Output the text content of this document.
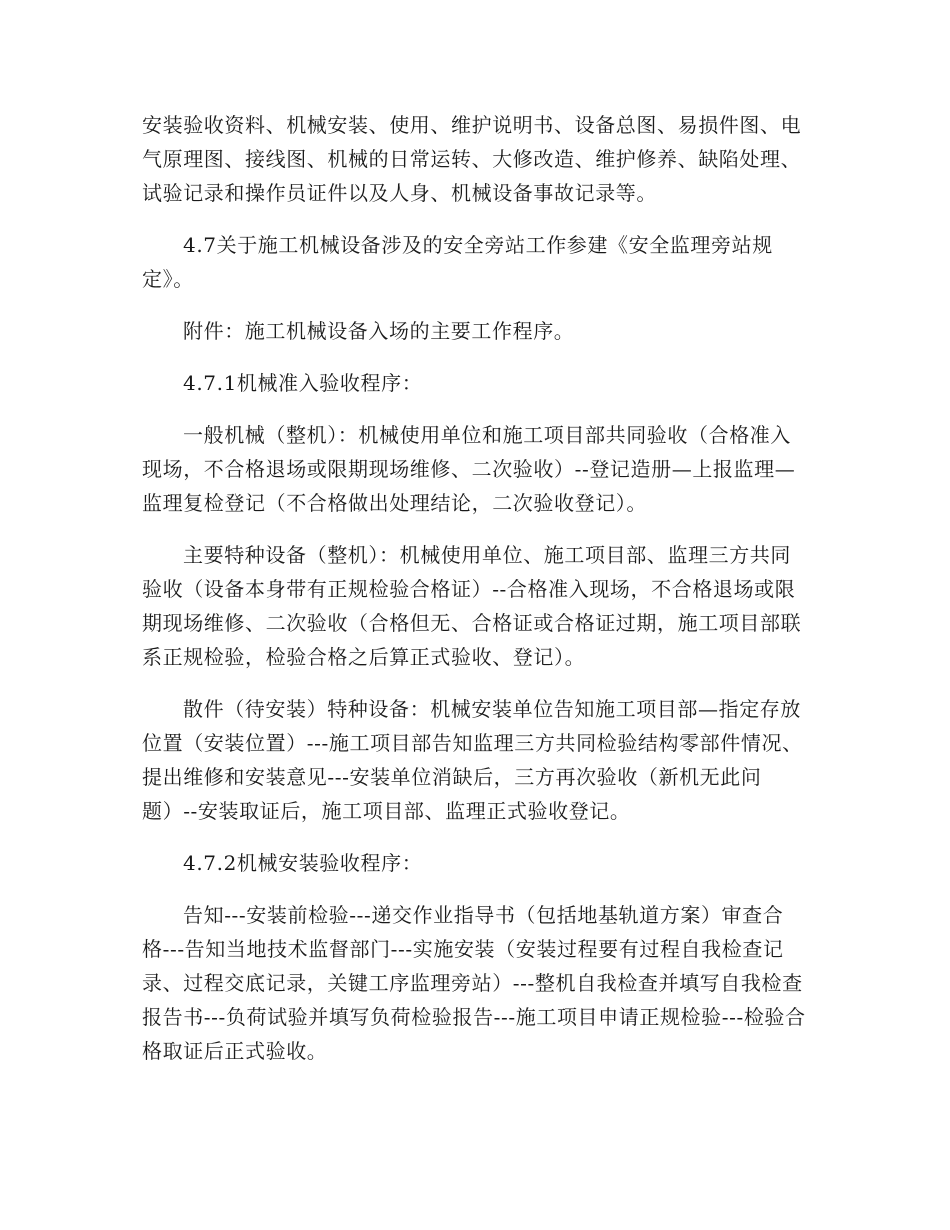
安装验收资料、机械安装、使用、维护说明书、设备总图、易损件图、电气原理图、接线图、机械的日常运转、大修改造、维护修养、缺陷处理、试验记录和操作员证件以及人身、机械设备事故记录等。

4.7关于施工机械设备涉及的安全旁站工作参建《安全监理旁站规定》。

附件：施工机械设备入场的主要工作程序。

4.7.1机械准入验收程序：

一般机械（整机）：机械使用单位和施工项目部共同验收（合格准入现场，不合格退场或限期现场维修、二次验收）--登记造册—上报监理—监理复检登记（不合格做出处理结论，二次验收登记）。

主要特种设备（整机）：机械使用单位、施工项目部、监理三方共同验收（设备本身带有正规检验合格证）--合格准入现场，不合格退场或限期现场维修、二次验收（合格但无、合格证或合格证过期，施工项目部联系正规检验，检验合格之后算正式验收、登记）。

散件（待安装）特种设备：机械安装单位告知施工项目部—指定存放位置（安装位置）---施工项目部告知监理三方共同检验结构零部件情况、提出维修和安装意见---安装单位消缺后，三方再次验收（新机无此问题）--安装取证后，施工项目部、监理正式验收登记。

4.7.2机械安装验收程序：

告知---安装前检验---递交作业指导书（包括地基轨道方案）审查合格---告知当地技术监督部门---实施安装（安装过程要有过程自我检查记录、过程交底记录，关键工序监理旁站）---整机自我检查并填写自我检查报告书---负荷试验并填写负荷检验报告---施工项目申请正规检验---检验合格取证后正式验收。
